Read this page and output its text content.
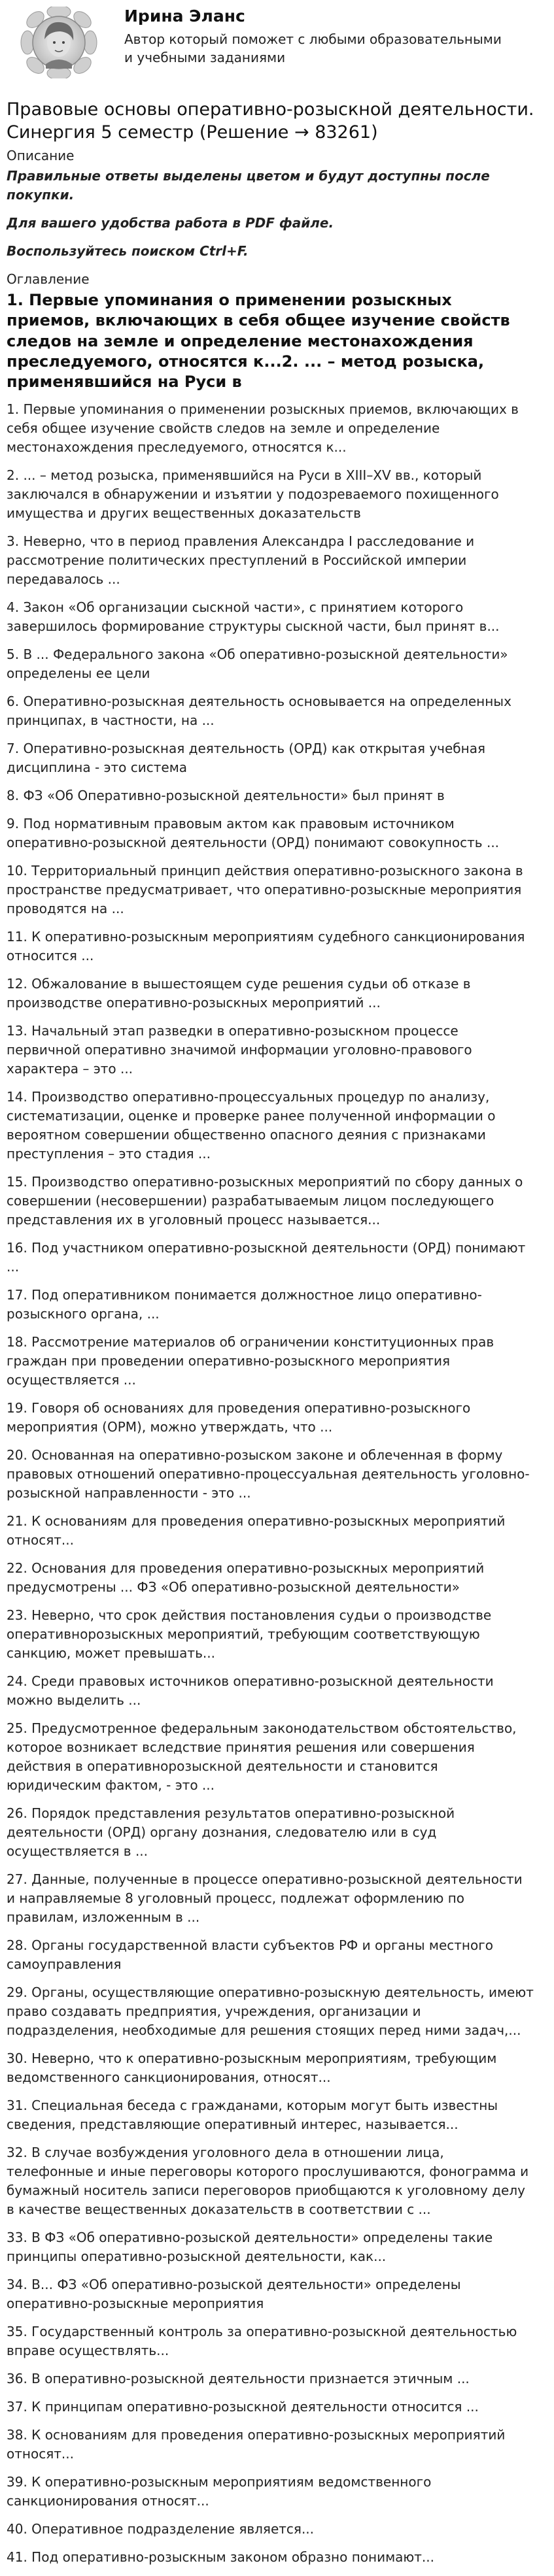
Ирина Эланс
Автор который поможет с любыми образовательными и учебными заданиями
Правовые основы оперативно-розыскной деятельности. Синергия 5 семестр (Решение → 83261)
Описание

Правильные ответы выделены цветом и будут доступны после покупки.

Для вашего удобства работа в PDF файле.

Воспользуйтесь поиском Ctrl+F.

Оглавление
1. Первые упоминания о применении розыскных приемов, включающих в себя общее изучение свойств следов на земле и определение местонахождения преследуемого, относятся к...2. ... – метод розыска, применявшийся на Руси в
1. Первые упоминания о применении розыскных приемов, включающих в себя общее изучение свойств следов на земле и определение местонахождения преследуемого, относятся к...
2. ... – метод розыска, применявшийся на Руси в XIII–XV вв., который заключался в обнаружении и изъятии у подозреваемого похищенного имущества и других вещественных доказательств
3. Неверно, что в период правления Александра I расследование и рассмотрение политических преступлений в Российской империи передавалось ...
4. Закон «Об организации сыскной части», с принятием которого завершилось формирование структуры сыскной части, был принят в...
5. В ... Федерального закона «Об оперативно-розыскной деятельности» определены ее цели
6. Оперативно-розыскная деятельность основывается на определенных принципах, в частности, на ...
7. Оперативно-розыскная деятельность (ОРД) как открытая учебная дисциплина - это система
8. ФЗ «Об Оперативно-розыскной деятельности» был принят в
9. Под нормативным правовым актом как правовым источником оперативно-розыскной деятельности (ОРД) понимают совокупность ...
10. Территориальный принцип действия оперативно-розыскного закона в пространстве предусматривает, что оперативно-розыскные мероприятия проводятся на ...
11. К оперативно-розыскным мероприятиям судебного санкционирования относится ...
12. Обжалование в вышестоящем суде решения судьи об отказе в производстве оперативно-розыскных мероприятий ...
13. Начальный этап разведки в оперативно-розыскном процессе первичной оперативно значимой информации уголовно-правового характера – это ...
14. Производство оперативно-процессуальных процедур по анализу, систематизации, оценке и проверке ранее полученной информации о вероятном совершении общественно опасного деяния с признаками преступления – это стадия ...
15. Производство оперативно-розыскных мероприятий по сбору данных о совершении (несовершении) разрабатываемым лицом последующего представления их в уголовный процесс называется...
16. Под участником оперативно-розыскной деятельности (ОРД) понимают ...
17. Под оперативником понимается должностное лицо оперативно-розыскного органа, ...
18. Рассмотрение материалов об ограничении конституционных прав граждан при проведении оперативно-розыскного мероприятия осуществляется ...
19. Говоря об основаниях для проведения оперативно-розыскного мероприятия (ОРМ), можно утверждать, что ...
20. Основанная на оперативно-розыском законе и облеченная в форму правовых отношений оперативно-процессуальная деятельность уголовно-розыскной направленности - это ...
21. К основаниям для проведения оперативно-розыскных мероприятий относят...
22. Основания для проведения оперативно-розыскных мероприятий предусмотрены ... ФЗ «Об оперативно-розыскной деятельности»
23. Неверно, что срок действия постановления судьи о производстве оперативнорозыскных мероприятий, требующим соответствующую санкцию, может превышать...
24. Среди правовых источников оперативно-розыскной деятельности можно выделить ...
25. Предусмотренное федеральным законодательством обстоятельство, которое возникает вследствие принятия решения или совершения действия в оперативнорозыскной деятельности и становится юридическим фактом, - это ...
26. Порядок представления результатов оперативно-розыскной деятельности (ОРД) органу дознания, следователю или в суд осуществляется в ...
27. Данные, полученные в процессе оперативно-розыскной деятельности и направляемые 8 уголовный процесс, подлежат оформлению по правилам, изложенным в ...
28. Органы государственной власти субъектов РФ и органы местного самоуправления
29. Органы, осуществляющие оперативно-розыскную деятельность, имеют право создавать предприятия, учреждения, организации и подразделения, необходимые для решения стоящих перед ними задач,...
30. Неверно, что к оперативно-розыскным мероприятиям, требующим ведомственного санкционирования, относят...
31. Специальная беседа с гражданами, которым могут быть известны сведения, представляющие оперативный интерес, называется...
32. В случае возбуждения уголовного дела в отношении лица, телефонные и иные переговоры которого прослушиваются, фонограмма и бумажный носитель записи переговоров приобщаются к уголовному делу в качестве вещественных доказательств в соответствии с ...
33. В ФЗ «Об оперативно-розыской деятельности» определены такие принципы оперативно-розыскной деятельности, как...
34. В... ФЗ «Об оперативно-розыской деятельности» определены оперативно-розыскные мероприятия
35. Государственный контроль за оперативно-розыскной деятельностью вправе осуществлять...
36. В оперативно-розыскной деятельности признается этичным ...
37. К принципам оперативно-розыскной деятельности относится ...
38. К основаниям для проведения оперативно-розыскных мероприятий относят...
39. К оперативно-розыскным мероприятиям ведомственного санкционирования относят...
40. Оперативное подразделение является...
41. Под оперативно-розыскным законом образно понимают...
